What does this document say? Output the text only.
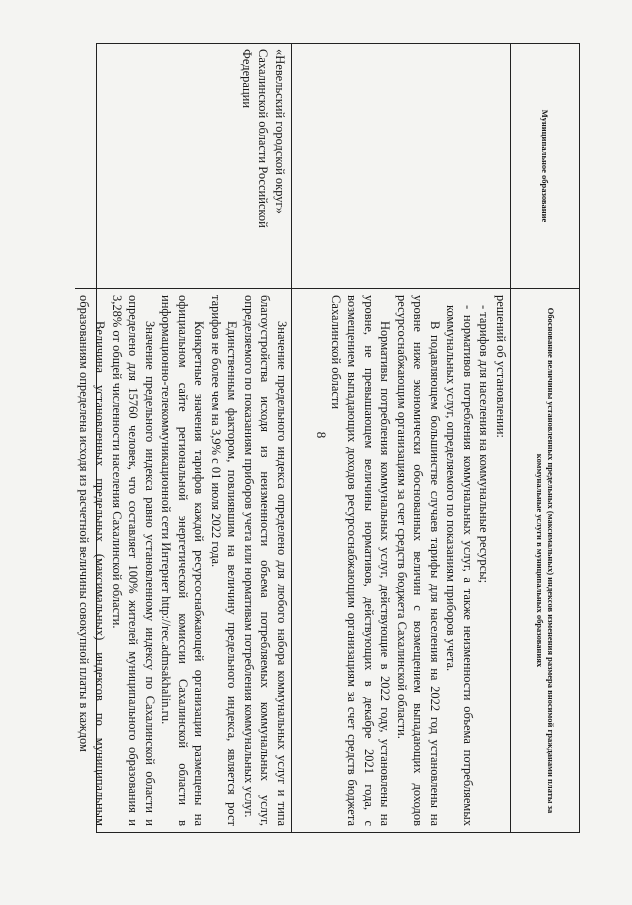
8
Муниципальное образование
Обоснование величины установленных предельных (максимальных) индексов изменения размера вносимой гражданами платы за коммунальные услуги в муниципальных образованиях

решений об установлении:

- тарифов для населения на коммунальные ресурсы;

- нормативов потребления коммунальных услуг, а также неизменности объема потребляемых коммунальных услуг, определяемого по показаниям приборов учета.

В подавляющем большинстве случаев тарифы для населения на 2022 год установлены на уровне ниже экономически обоснованных величин с возмещением выпадающих доходов ресурсоснабжающим организациям за счет средств бюджета Сахалинской области.

Нормативы потребления коммунальных услуг, действующие в 2022 году, установлены на уровне, не превышающем величины нормативов, действующих в декабре 2021 года, с возмещением выпадающих доходов ресурсоснабжающим организациям за счет средств бюджета Сахалинской области

«Невельский городской округ» Сахалинской области Российской Федерации

Значение предельного индекса определено для любого набора коммунальных услуг и типа благоустройства исходя из неизменности объема потребляемых коммунальных услуг, определяемого по показаниям приборов учета или нормативам потребления коммунальных услуг.

Единственным фактором, повлиявшим на величину предельного индекса, является рост тарифов не более чем на 3,9% с 01 июля 2022 года.

Конкретные значения тарифов каждой ресурсоснабжающей организации размещены на официальном сайте региональной энергетической комиссии Сахалинской области в информационно-телекоммуникационной сети Интернет http://rec.admsakhalin.ru.

Значение предельного индекса равно установленному индексу по Сахалинской области и определено для 15760 человек, что составляет 100% жителей муниципального образования и 3,28% от общей численности населения Сахалинской области.

Величина установленных предельных (максимальных) индексов по муниципальным образованиям определена исходя из расчетной величины совокупной платы в каждом
